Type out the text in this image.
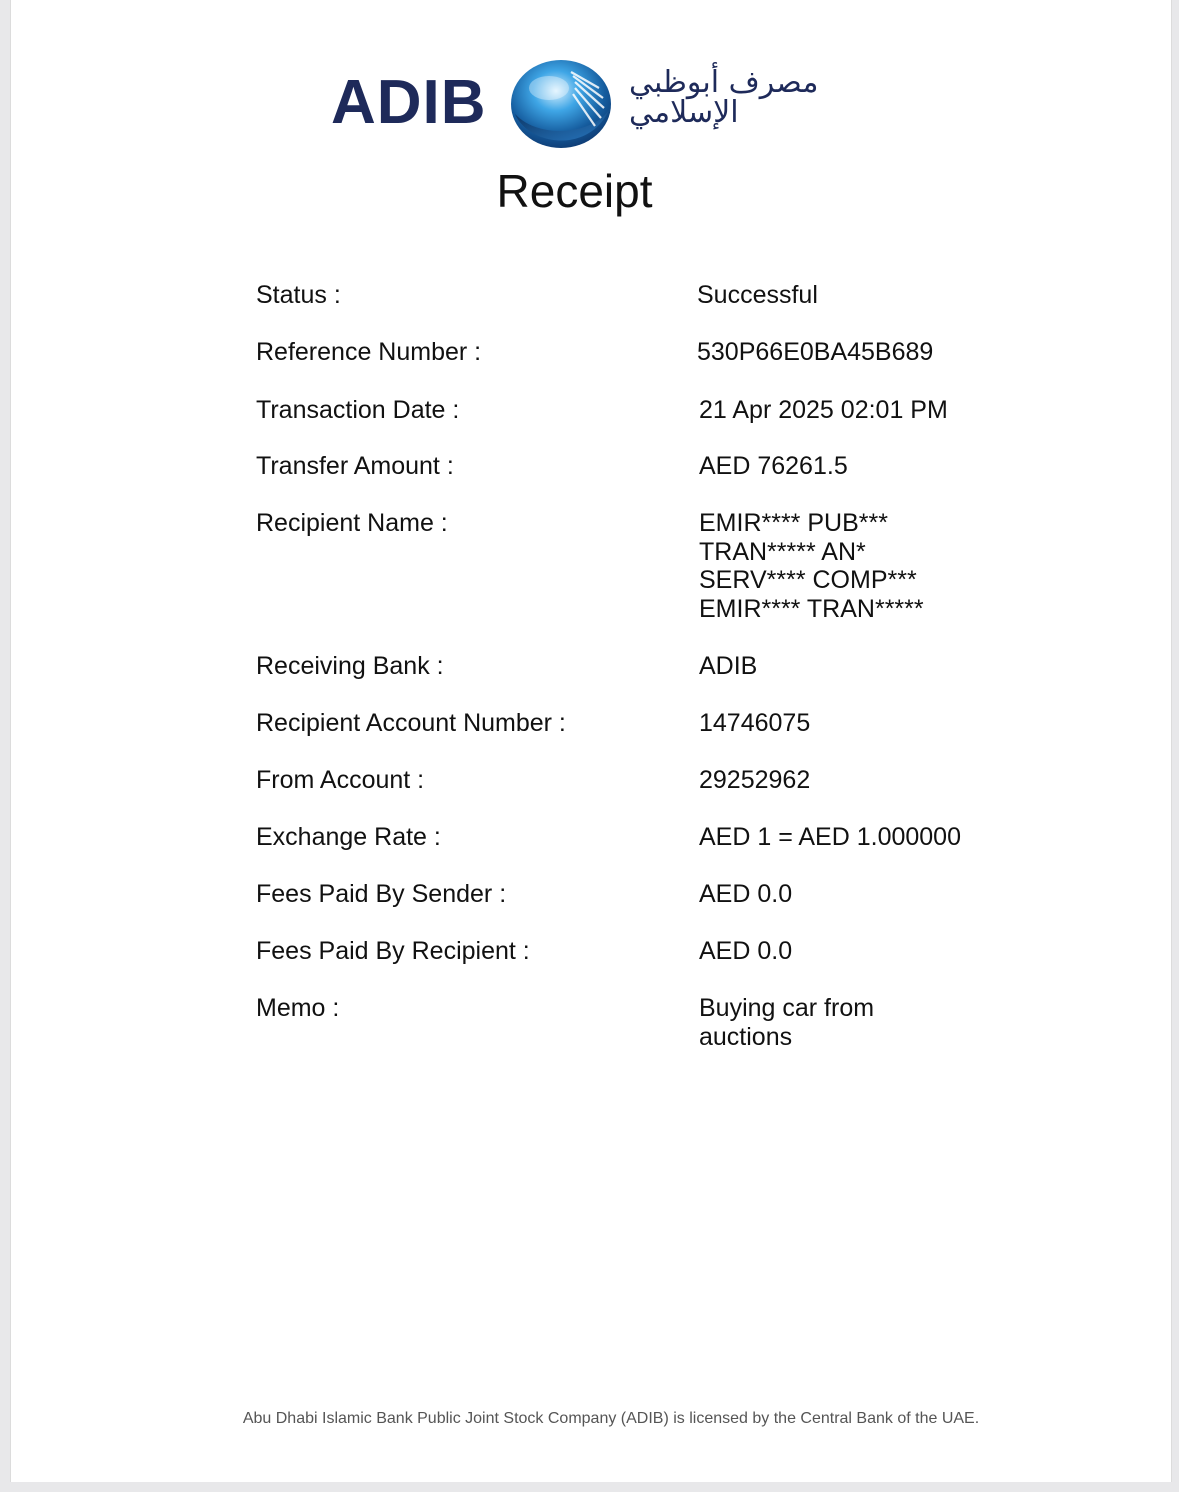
ADIB	مصرف أبوظبي
الإسلامي
Receipt
Status :	Successful
Reference Number :	530P66E0BA45B689
Transaction Date :	21 Apr 2025 02:01 PM
Transfer Amount :	AED 76261.5
Recipient Name :	EMIR**** PUB***
TRAN***** AN*
SERV**** COMP***
EMIR**** TRAN*****
Receiving Bank :	ADIB
Recipient Account Number :	14746075
From Account :	29252962
Exchange Rate :	AED 1 = AED 1.000000
Fees Paid By Sender :	AED 0.0
Fees Paid By Recipient :	AED 0.0
Memo :	Buying car from
auctions
Abu Dhabi Islamic Bank Public Joint Stock Company (ADIB) is licensed by the Central Bank of the UAE.
